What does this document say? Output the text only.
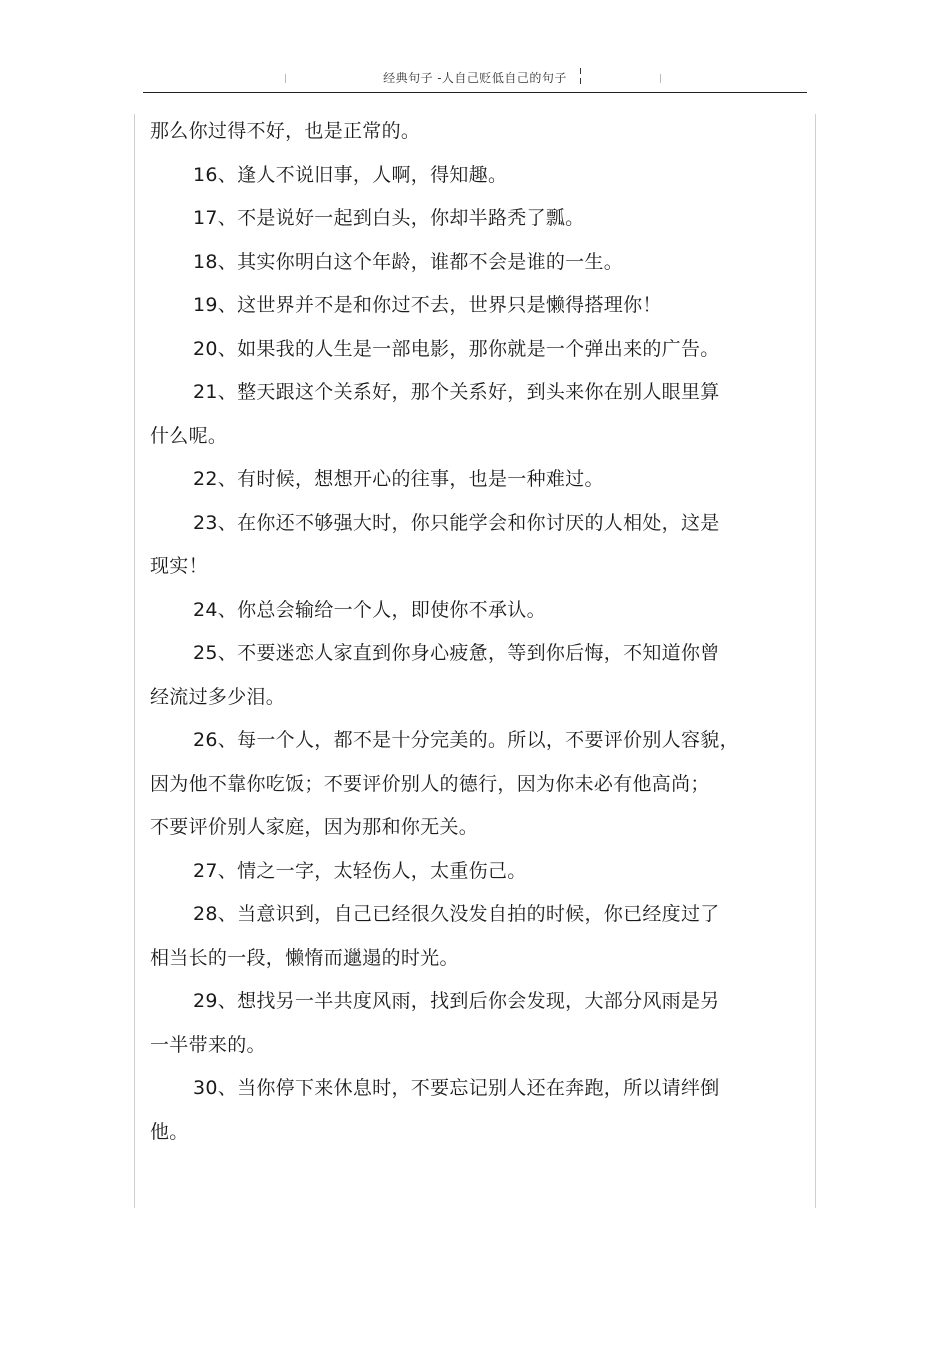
经典句子 -人自己贬低自己的句子
那么你过得不好，也是正常的。
16、逢人不说旧事，人啊，得知趣。
17、不是说好一起到白头，你却半路秃了瓢。
18、其实你明白这个年龄，谁都不会是谁的一生。
19、这世界并不是和你过不去，世界只是懒得搭理你！
20、如果我的人生是一部电影，那你就是一个弹出来的广告。
21、整天跟这个关系好，那个关系好，到头来你在别人眼里算
什么呢。
22、有时候，想想开心的往事，也是一种难过。
23、在你还不够强大时，你只能学会和你讨厌的人相处，这是
现实！
24、你总会输给一个人，即使你不承认。
25、不要迷恋人家直到你身心疲惫，等到你后悔，不知道你曾
经流过多少泪。
26、每一个人，都不是十分完美的。所以，不要评价别人容貌，
因为他不靠你吃饭；不要评价别人的德行，因为你未必有他高尚；
不要评价别人家庭，因为那和你无关。
27、情之一字，太轻伤人，太重伤己。
28、当意识到，自己已经很久没发自拍的时候，你已经度过了
相当长的一段，懒惰而邋遢的时光。
29、想找另一半共度风雨，找到后你会发现，大部分风雨是另
一半带来的。
30、当你停下来休息时，不要忘记别人还在奔跑，所以请绊倒
他。
